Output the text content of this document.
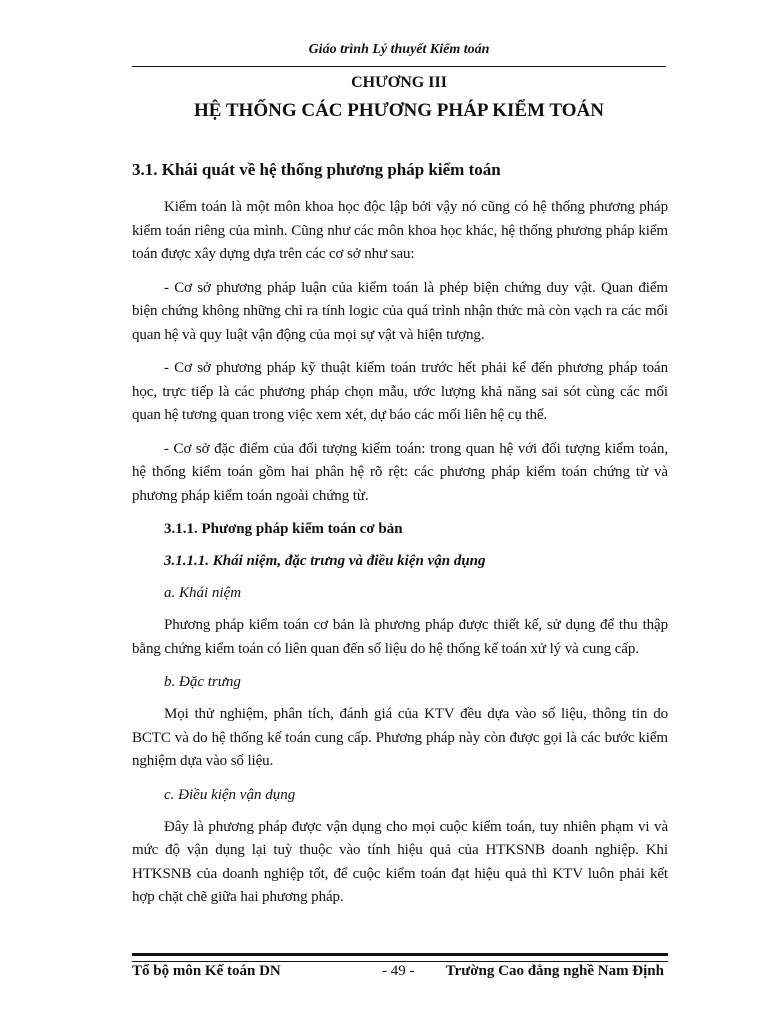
Giáo trình Lý thuyết Kiểm toán
CHƯƠNG III
HỆ THỐNG CÁC PHƯƠNG PHÁP KIỂM TOÁN
3.1. Khái quát về hệ thống phương pháp kiểm toán

Kiểm toán là một môn khoa học độc lập bởi vậy nó cũng có hệ thống phương pháp kiểm toán riêng của mình. Cũng như các môn khoa học khác, hệ thống phương pháp kiểm toán được xây dựng dựa trên các cơ sở như sau:

- Cơ sở phương pháp luận của kiểm toán là phép biện chứng duy vật. Quan điểm biện chứng không những chỉ ra tính logic của quá trình nhận thức mà còn vạch ra các mối quan hệ và quy luật vận động của mọi sự vật và hiện tượng.

- Cơ sở phương pháp kỹ thuật kiểm toán trước hết phải kể đến phương pháp toán học, trực tiếp là các phương pháp chọn mẫu, ước lượng khả năng sai sót cùng các mối quan hệ tương quan trong việc xem xét, dự báo các mối liên hệ cụ thể.

- Cơ sở đặc điểm của đối tượng kiểm toán: trong quan hệ với đối tượng kiểm toán, hệ thống kiểm toán gồm hai phân hệ rõ rệt: các phương pháp kiểm toán chứng từ và phương pháp kiểm toán ngoài chứng từ.

3.1.1. Phương pháp kiểm toán cơ bản
3.1.1.1. Khái niệm, đặc trưng và điều kiện vận dụng
a. Khái niệm

Phương pháp kiểm toán cơ bản là phương pháp được thiết kế, sử dụng để thu thập bằng chứng kiểm toán có liên quan đến số liệu do hệ thống kế toán xử lý và cung cấp.

b. Đặc trưng

Mọi thử nghiệm, phân tích, đánh giá của KTV đều dựa vào số liệu, thông tin do BCTC và do hệ thống kế toán cung cấp. Phương pháp này còn được gọi là các bước kiểm nghiệm dựa vào số liệu.

c. Điều kiện vận dụng

Đây là phương pháp được vận dụng cho mọi cuộc kiểm toán, tuy nhiên phạm vi và mức độ vận dụng lại tuỳ thuộc vào tính hiệu quả của HTKSNB doanh nghiệp. Khi HTKSNB của doanh nghiệp tốt, để cuộc kiểm toán đạt hiệu quả thì KTV luôn phải kết hợp chặt chẽ giữa hai phương pháp.

Tổ bộ môn Kế toán DN	- 49 - Trường Cao đẳng nghề Nam Định
